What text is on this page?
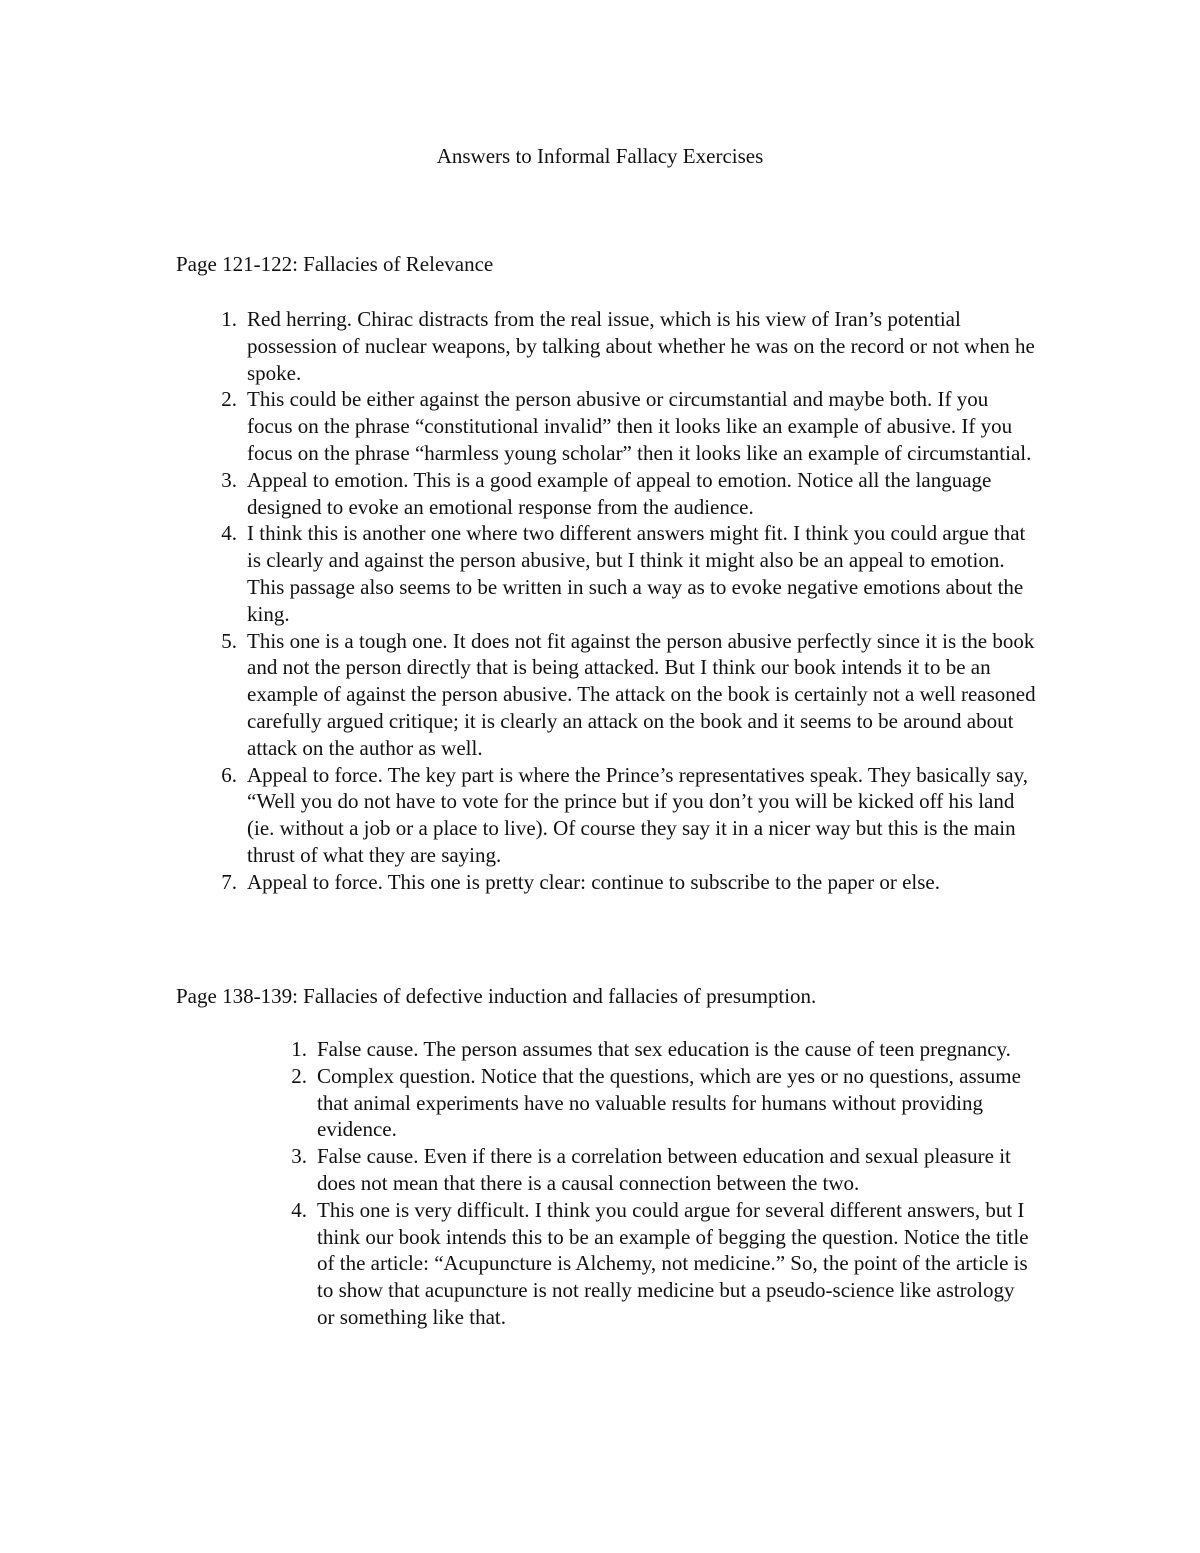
Answers to Informal Fallacy Exercises
Page 121-122: Fallacies of Relevance
1. Red herring. Chirac distracts from the real issue, which is his view of Iran’s potential possession of nuclear weapons, by talking about whether he was on the record or not when he spoke.
2. This could be either against the person abusive or circumstantial and maybe both. If you focus on the phrase “constitutional invalid” then it looks like an example of abusive. If you focus on the phrase “harmless young scholar” then it looks like an example of circumstantial.
3. Appeal to emotion. This is a good example of appeal to emotion. Notice all the language designed to evoke an emotional response from the audience.
4. I think this is another one where two different answers might fit. I think you could argue that is clearly and against the person abusive, but I think it might also be an appeal to emotion. This passage also seems to be written in such a way as to evoke negative emotions about the king.
5. This one is a tough one. It does not fit against the person abusive perfectly since it is the book and not the person directly that is being attacked. But I think our book intends it to be an example of against the person abusive. The attack on the book is certainly not a well reasoned carefully argued critique; it is clearly an attack on the book and it seems to be around about attack on the author as well.
6. Appeal to force. The key part is where the Prince’s representatives speak. They basically say, “Well you do not have to vote for the prince but if you don’t you will be kicked off his land (ie. without a job or a place to live). Of course they say it in a nicer way but this is the main thrust of what they are saying.
7. Appeal to force. This one is pretty clear: continue to subscribe to the paper or else.
Page 138-139: Fallacies of defective induction and fallacies of presumption.
1. False cause. The person assumes that sex education is the cause of teen pregnancy.
2. Complex question. Notice that the questions, which are yes or no questions, assume that animal experiments have no valuable results for humans without providing evidence.
3. False cause. Even if there is a correlation between education and sexual pleasure it does not mean that there is a causal connection between the two.
4. This one is very difficult. I think you could argue for several different answers, but I think our book intends this to be an example of begging the question. Notice the title of the article: “Acupuncture is Alchemy, not medicine.” So, the point of the article is to show that acupuncture is not really medicine but a pseudo-science like astrology or something like that.
